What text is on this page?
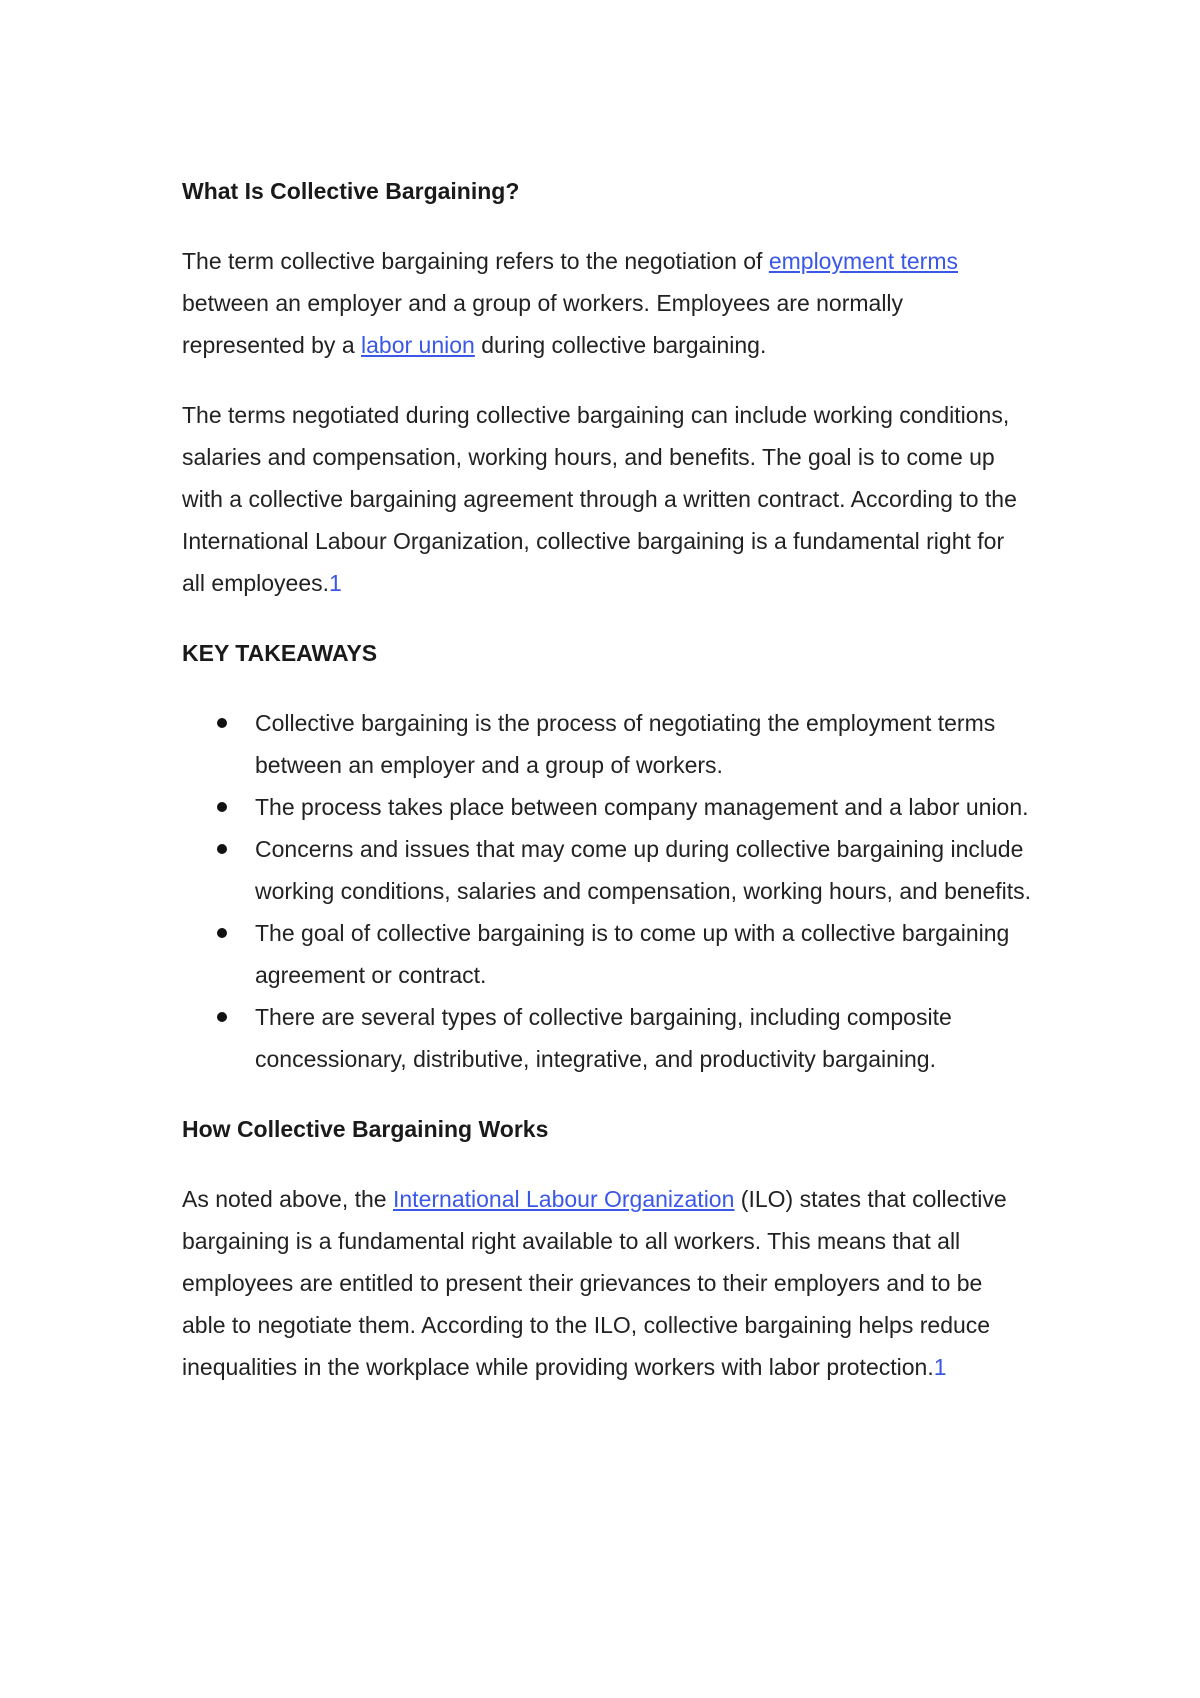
What Is Collective Bargaining?

The term collective bargaining refers to the negotiation of employment terms between an employer and a group of workers. Employees are normally represented by a labor union during collective bargaining.

The terms negotiated during collective bargaining can include working conditions, salaries and compensation, working hours, and benefits. The goal is to come up with a collective bargaining agreement through a written contract. According to the International Labour Organization, collective bargaining is a fundamental right for all employees.1

KEY TAKEAWAYS

Collective bargaining is the process of negotiating the employment terms between an employer and a group of workers.
The process takes place between company management and a labor union.
Concerns and issues that may come up during collective bargaining include working conditions, salaries and compensation, working hours, and benefits.
The goal of collective bargaining is to come up with a collective bargaining agreement or contract.
There are several types of collective bargaining, including composite concessionary, distributive, integrative, and productivity bargaining.

How Collective Bargaining Works

As noted above, the International Labour Organization (ILO) states that collective bargaining is a fundamental right available to all workers. This means that all employees are entitled to present their grievances to their employers and to be able to negotiate them. According to the ILO, collective bargaining helps reduce inequalities in the workplace while providing workers with labor protection.1
